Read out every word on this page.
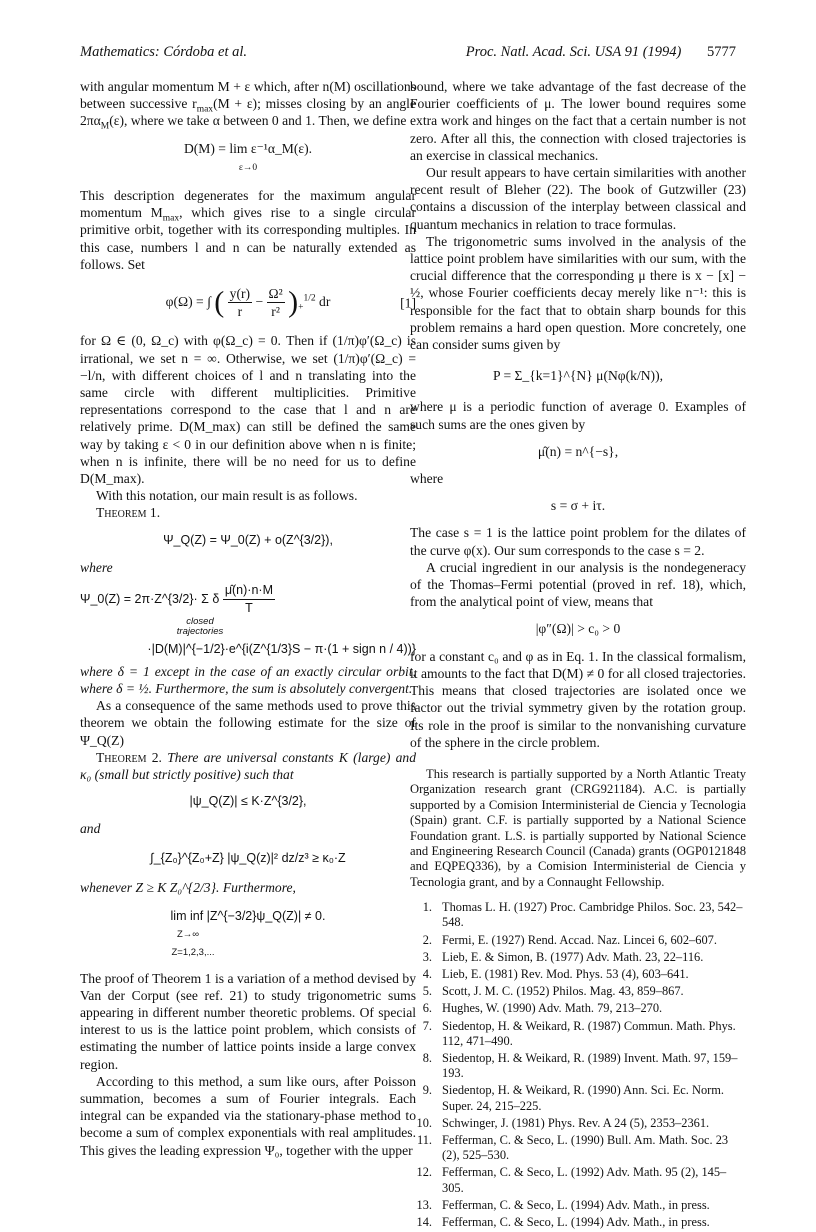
Mathematics: Córdoba et al.	Proc. Natl. Acad. Sci. USA 91 (1994) 5777

with angular momentum M + ε which, after n(M) oscillations between successive $r_{max}(M + \varepsilon)$; misses closing by an angle $2\pi\alpha_M(\varepsilon)$, where we take α between 0 and 1. Then, we define

D(M) = lim ε⁻¹α_M(ε).
ε→0

This description degenerates for the maximum angular momentum $M_{max}$, which gives rise to a single circular primitive orbit, together with its corresponding multiples. In this case, numbers l and n can be naturally extended as follows. Set

φ(Ω) = ∫ ( $\frac{y(r)}{r} - \frac{\text{Ω²}}{\text{r²}} )_+^{1/2}$ dr	[1]

for Ω ∈ (0, Ω_c) with φ(Ω_c) = 0. Then if (1/π)φ′(Ω_c) is irrational, we set n = ∞. Otherwise, we set (1/π)φ′(Ω_c) = −l/n, with different choices of l and n translating into the same circle with different multiplicities. Primitive representations correspond to the case that l and n are relatively prime. D(M_max) can still be defined the same way by taking ε < 0 in our definition above when n is finite; when n is infinite, there will be no need for us to define D(M_max).

With this notation, our main result is as follows.

Theorem 1.

Ψ_Q(Z) = Ψ_0(Z) + o(Z^{3/2}),

where

Ψ_0(Z) = 2π·Z^{3/2}· Σ δ $\frac{\mû(n)\cdot n\cdot M}{T}$
closed trajectories
·|D(M)|^{−1/2}·e^{i(Z^{1/3}S − π·(1 + sign n / 4))}

where δ = 1 except in the case of an exactly circular orbit, where δ = ½. Furthermore, the sum is absolutely convergent.

As a consequence of the same methods used to prove this theorem we obtain the following estimate for the size of Ψ_Q(Z)

Theorem 2. There are universal constants K (large) and κ₀ (small but strictly positive) such that

|ψ_Q(Z)| ≤ K·Z^{3/2},

and

∫_{Z₀}^{Z₀+Z} |ψ_Q(z)|² dz/z³ ≥ κ₀·Z

whenever Z ≥ K Z₀^{2/3}. Furthermore,

lim inf |Z^{−3/2}ψ_Q(Z)| ≠ 0.
Z→∞
Z=1,2,3,...

The proof of Theorem 1 is a variation of a method devised by Van der Corput (see ref. 21) to study trigonometric sums appearing in different number theoretic problems. Of special interest to us is the lattice point problem, which consists of estimating the number of lattice points inside a large convex region.

According to this method, a sum like ours, after Poisson summation, becomes a sum of Fourier integrals. Each integral can be expanded via the stationary-phase method to become a sum of complex exponentials with real amplitudes. This gives the leading expression Ψ₀, together with the upper

bound, where we take advantage of the fast decrease of the Fourier coefficients of μ. The lower bound requires some extra work and hinges on the fact that a certain number is not zero. After all this, the connection with closed trajectories is an exercise in classical mechanics.

Our result appears to have certain similarities with another recent result of Bleher (22). The book of Gutzwiller (23) contains a discussion of the interplay between classical and quantum mechanics in relation to trace formulas.

The trigonometric sums involved in the analysis of the lattice point problem have similarities with our sum, with the crucial difference that the corresponding μ there is x − [x] − ½, whose Fourier coefficients decay merely like n⁻¹: this is responsible for the fact that to obtain sharp bounds for this problem remains a hard open question. More concretely, one can consider sums given by

P = Σ_{k=1}^{N} μ(Nφ(k/N)),

where μ is a periodic function of average 0. Examples of such sums are the ones given by

μ̂(n) = n^{−s},

where

s = σ + iτ.

The case s = 1 is the lattice point problem for the dilates of the curve φ(x). Our sum corresponds to the case s = 2.

A crucial ingredient in our analysis is the nondegeneracy of the Thomas–Fermi potential (proved in ref. 18), which, from the analytical point of view, means that

|φ″(Ω)| > c₀ > 0

for a constant c₀ and φ as in Eq. 1. In the classical formalism, it amounts to the fact that D(M) ≠ 0 for all closed trajectories. This means that closed trajectories are isolated once we factor out the trivial symmetry given by the rotation group. Its role in the proof is similar to the nonvanishing curvature of the sphere in the circle problem.

This research is partially supported by a North Atlantic Treaty Organization research grant (CRG921184). A.C. is partially supported by a Comision Interministerial de Ciencia y Tecnologia (Spain) grant. C.F. is partially supported by a National Science Foundation grant. L.S. is partially supported by National Science and Engineering Research Council (Canada) grants (OGP0121848 and EQPEQ336), by a Comision Interministerial de Ciencia y Tecnologia grant, and by a Connaught Fellowship.

1. Thomas L. H. (1927) Proc. Cambridge Philos. Soc. 23, 542–548.
2. Fermi, E. (1927) Rend. Accad. Naz. Lincei 6, 602–607.
3. Lieb, E. & Simon, B. (1977) Adv. Math. 23, 22–116.
4. Lieb, E. (1981) Rev. Mod. Phys. 53 (4), 603–641.
5. Scott, J. M. C. (1952) Philos. Mag. 43, 859–867.
6. Hughes, W. (1990) Adv. Math. 79, 213–270.
7. Siedentop, H. & Weikard, R. (1987) Commun. Math. Phys. 112, 471–490.
8. Siedentop, H. & Weikard, R. (1989) Invent. Math. 97, 159–193.
9. Siedentop, H. & Weikard, R. (1990) Ann. Sci. Ec. Norm. Super. 24, 215–225.
10. Schwinger, J. (1981) Phys. Rev. A 24 (5), 2353–2361.
11. Fefferman, C. & Seco, L. (1990) Bull. Am. Math. Soc. 23 (2), 525–530.
12. Fefferman, C. & Seco, L. (1992) Adv. Math. 95 (2), 145–305.
13. Fefferman, C. & Seco, L. (1994) Adv. Math., in press.
14. Fefferman, C. & Seco, L. (1994) Adv. Math., in press.
